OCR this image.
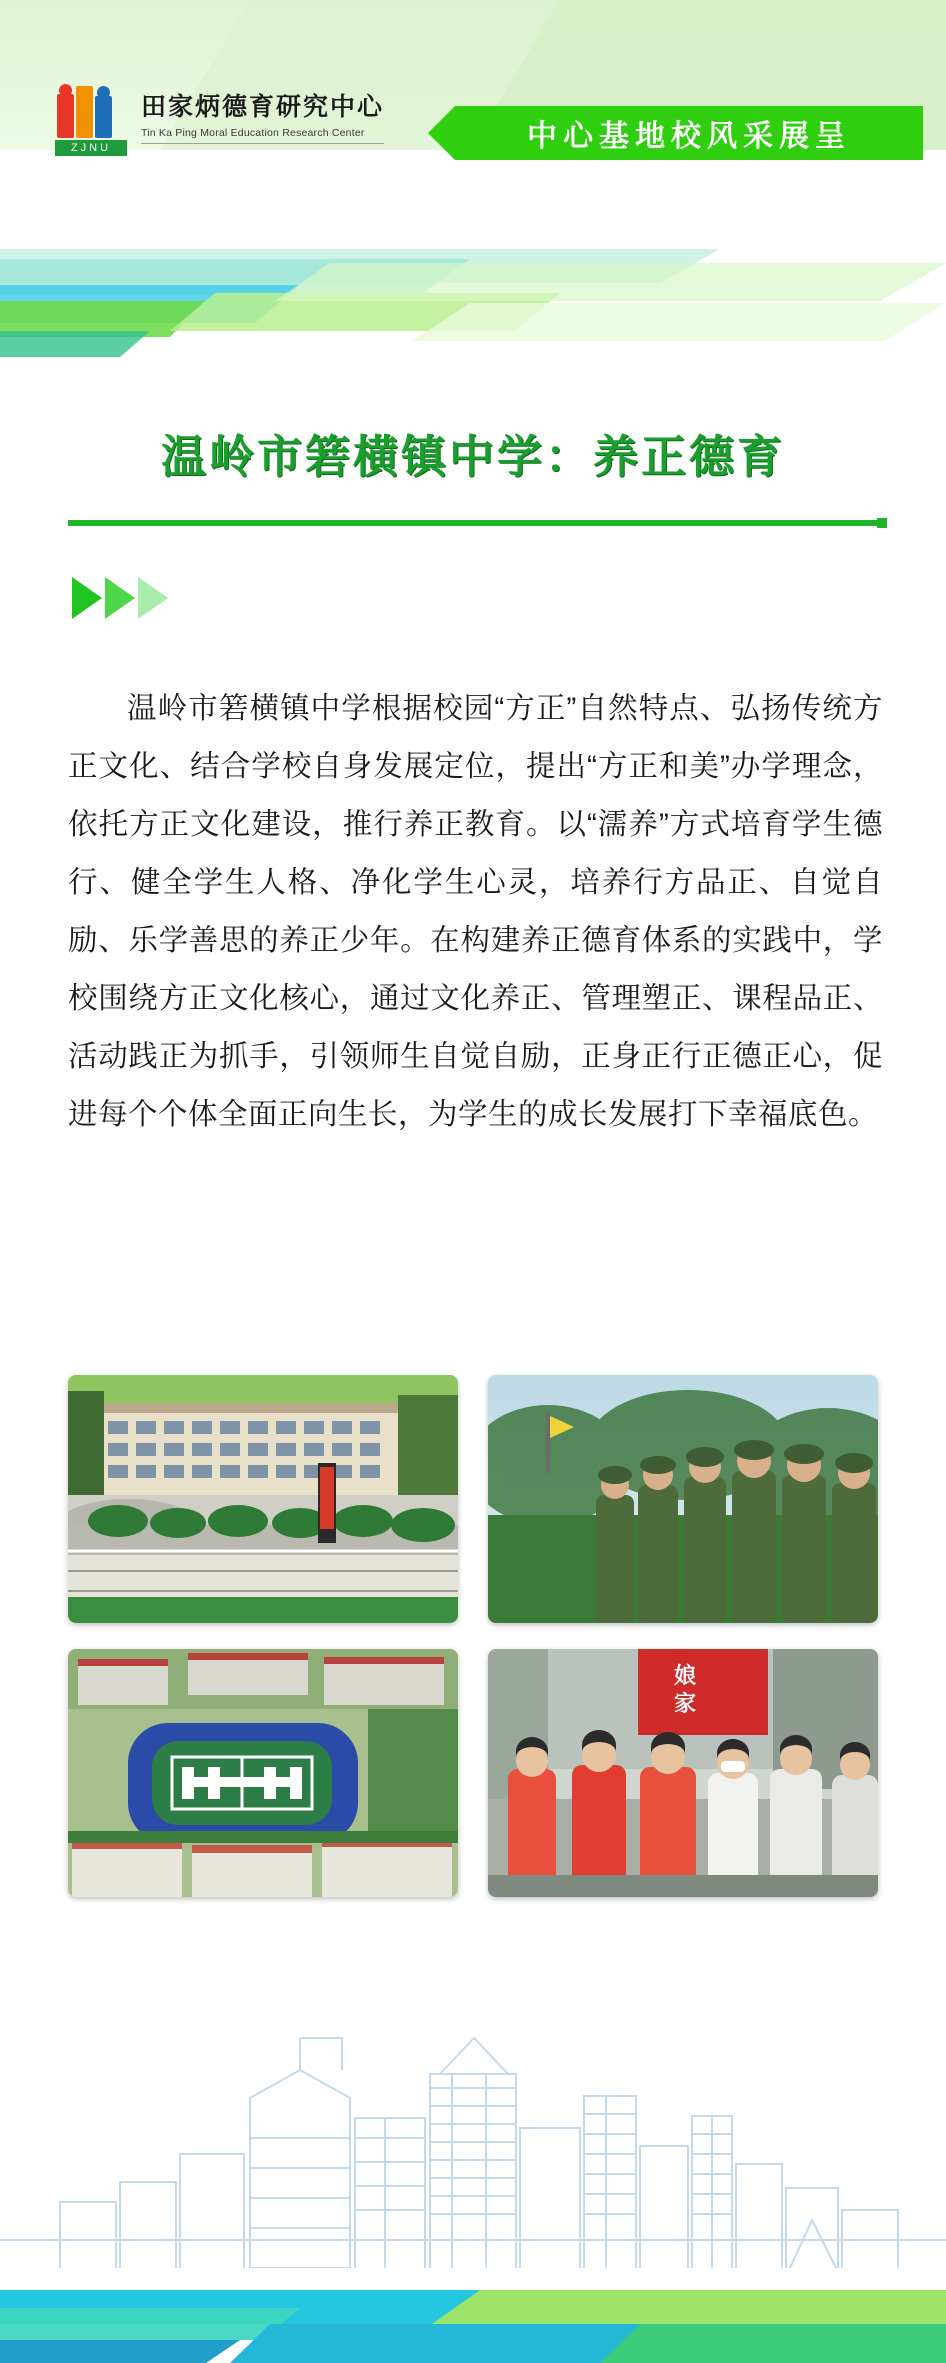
ZJNU
田家炳德育研究中心
Tin Ka Ping Moral Education Research Center	中心基地校风采展呈
温岭市箬横镇中学：养正德育
温岭市箬横镇中学根据校园“方正”自然特点、弘扬传统方正文化、结合学校自身发展定位，提出“方正和美”办学理念，依托方正文化建设，推行养正教育。以“濡养”方式培育学生德行、健全学生人格、净化学生心灵，培养行方品正、自觉自励、乐学善思的养正少年。在构建养正德育体系的实践中，学校围绕方正文化核心，通过文化养正、管理塑正、课程品正、活动践正为抓手，引领师生自觉自励，正身正行正德正心，促进每个个体全面正向生长，为学生的成长发展打下幸福底色。
娘
家
